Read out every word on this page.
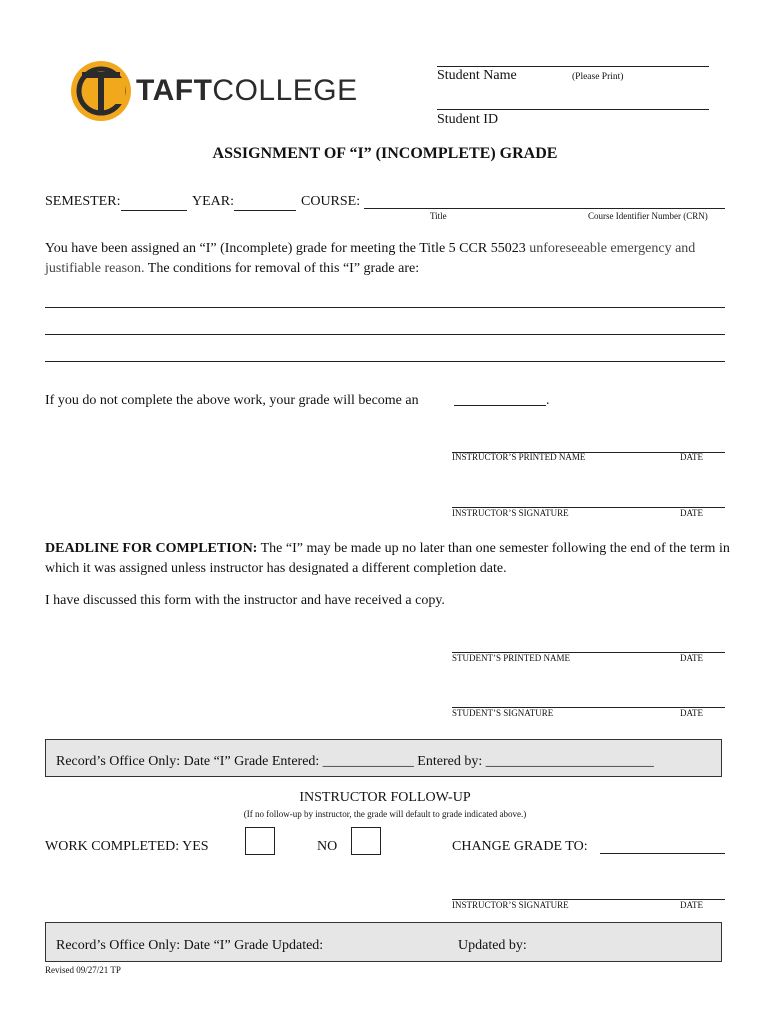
TAFTCOLLEGE	Student Name	(Please Print)
Student ID
ASSIGNMENT OF “I” (INCOMPLETE) GRADE
SEMESTER:	YEAR:	COURSE:
Title	Course Identifier Number (CRN)
You have been assigned an “I” (Incomplete) grade for meeting the Title 5 CCR 55023 unforeseeable emergency and justifiable reason. The conditions for removal of this “I” grade are:
If you do not complete the above work, your grade will become an	.
INSTRUCTOR’S PRINTED NAME	DATE
INSTRUCTOR’S SIGNATURE	DATE
DEADLINE FOR COMPLETION: The “I” may be made up no later than one semester following the end of the term in which it was assigned unless instructor has designated a different completion date.
I have discussed this form with the instructor and have received a copy.
STUDENT’S PRINTED NAME	DATE
STUDENT’S SIGNATURE	DATE
Record’s Office Only: Date “I” Grade Entered: _____________ Entered by: ________________________
INSTRUCTOR FOLLOW-UP
(If no follow-up by instructor, the grade will default to grade indicated above.)
WORK COMPLETED: YES	NO	CHANGE GRADE TO:
INSTRUCTOR’S SIGNATURE	DATE
Record’s Office Only: Date “I” Grade Updated:	Updated by:
Revised 09/27/21 TP
